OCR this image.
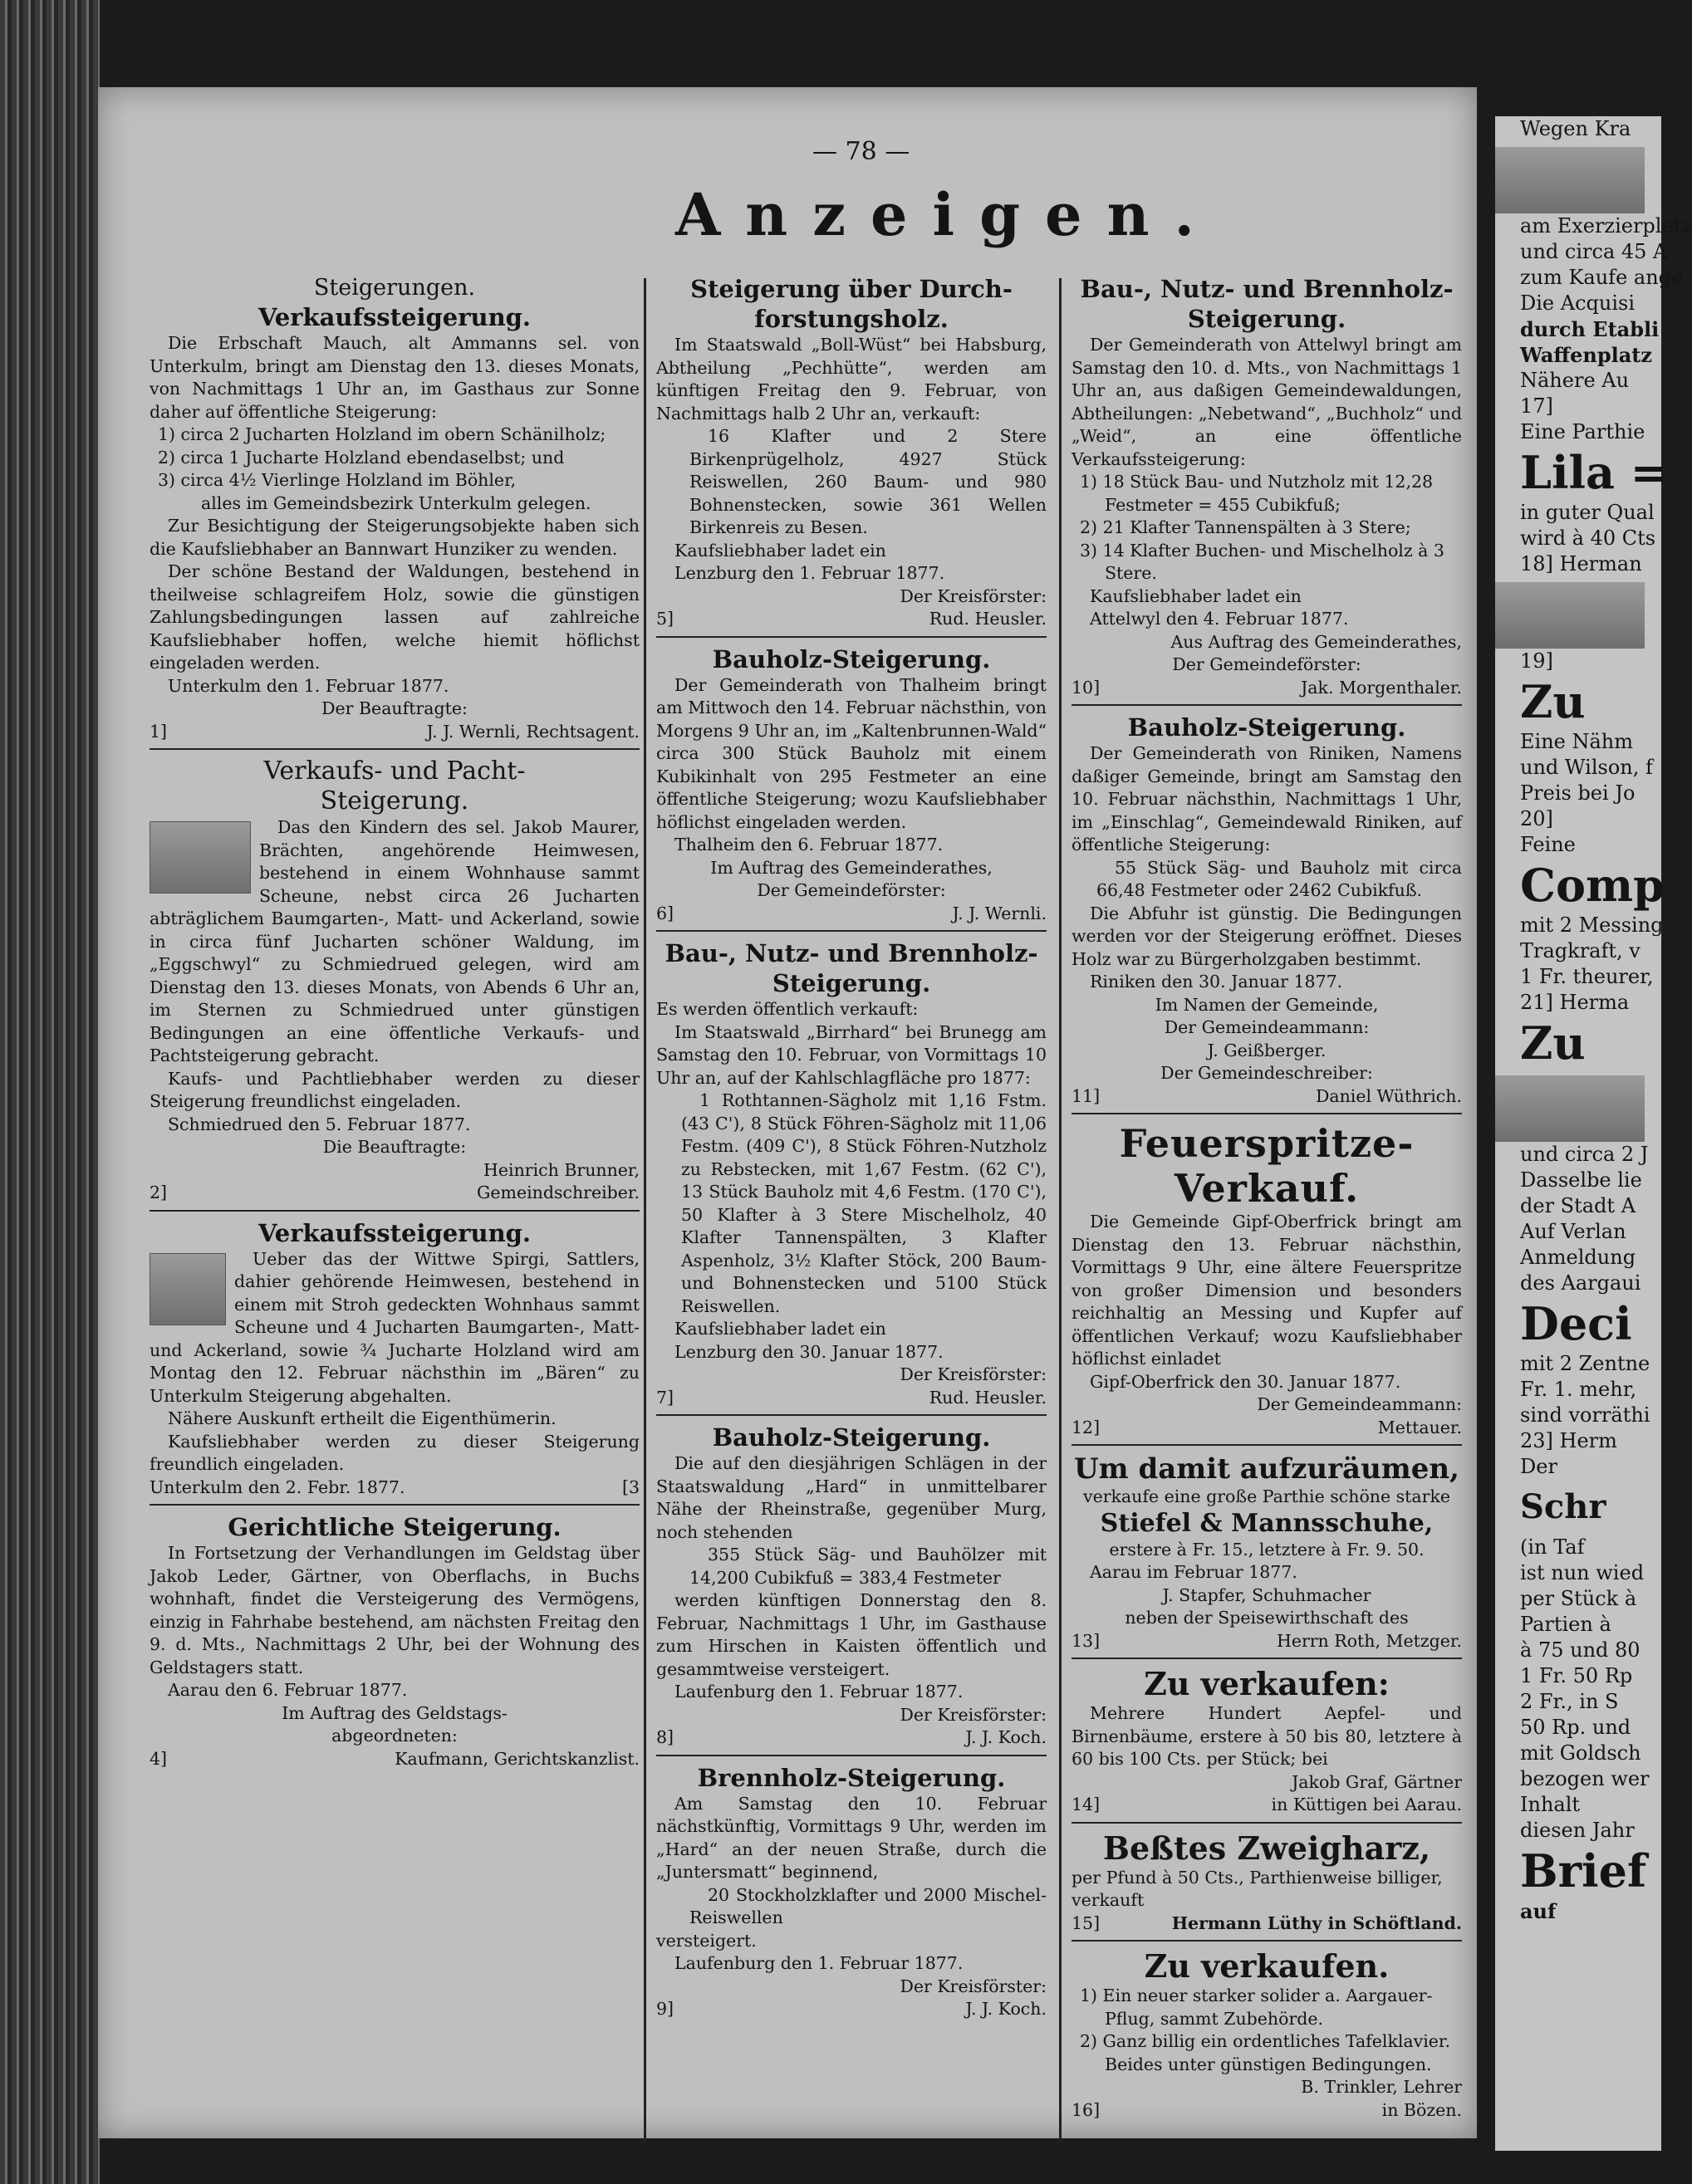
— 78 —
Anzeigen.
Steigerungen.
Verkaufssteigerung.
Die Erbschaft Mauch, alt Ammanns sel. von Unterkulm, bringt am Dienstag den 13. dieses Monats, von Nachmittags 1 Uhr an, im Gasthaus zur Sonne daher auf öffentliche Steigerung:
1) circa 2 Jucharten Holzland im obern Schänilholz;
2) circa 1 Jucharte Holzland ebendaselbst; und
3) circa 4½ Vierlinge Holzland im Böhler,
alles im Gemeindsbezirk Unterkulm gelegen.
Zur Besichtigung der Steigerungsobjekte haben sich die Kaufsliebhaber an Bannwart Hunziker zu wenden.
Der schöne Bestand der Waldungen, bestehend in theilweise schlagreifem Holz, sowie die günstigen Zahlungsbedingungen lassen auf zahlreiche Kaufsliebhaber hoffen, welche hiemit höflichst eingeladen werden.
Unterkulm den 1. Februar 1877.
Der Beauftragte:
1]	J. J. Wernli, Rechtsagent.
Verkaufs- und Pacht-
Steigerung.
Das den Kindern des sel. Jakob Maurer, Brächten, angehörende Heimwesen, bestehend in einem Wohnhause sammt Scheune, nebst circa 26 Jucharten abträglichem Baumgarten-, Matt- und Ackerland, sowie in circa fünf Jucharten schöner Waldung, im „Eggschwyl“ zu Schmiedrued gelegen, wird am Dienstag den 13. dieses Monats, von Abends 6 Uhr an, im Sternen zu Schmiedrued unter günstigen Bedingungen an eine öffentliche Verkaufs- und Pachtsteigerung gebracht.
Kaufs- und Pachtliebhaber werden zu dieser Steigerung freundlichst eingeladen.
Schmiedrued den 5. Februar 1877.
Die Beauftragte:
Heinrich Brunner,
2]	Gemeindschreiber.
Verkaufssteigerung.
Ueber das der Wittwe Spirgi, Sattlers, dahier gehörende Heimwesen, bestehend in einem mit Stroh gedeckten Wohnhaus sammt Scheune und 4 Jucharten Baumgarten-, Matt- und Ackerland, sowie ¾ Jucharte Holzland wird am Montag den 12. Februar nächsthin im „Bären“ zu Unterkulm Steigerung abgehalten.
Nähere Auskunft ertheilt die Eigenthümerin.
Kaufsliebhaber werden zu dieser Steigerung freundlich eingeladen.
Unterkulm den 2. Febr. 1877.	[3
Gerichtliche Steigerung.
In Fortsetzung der Verhandlungen im Geldstag über Jakob Leder, Gärtner, von Oberflachs, in Buchs wohnhaft, findet die Versteigerung des Vermögens, einzig in Fahrhabe bestehend, am nächsten Freitag den 9. d. Mts., Nachmittags 2 Uhr, bei der Wohnung des Geldstagers statt.
Aarau den 6. Februar 1877.
Im Auftrag des Geldstags-
abgeordneten:
4]	Kaufmann, Gerichtskanzlist.
Steigerung über Durch-
forstungsholz.
Im Staatswald „Boll-Wüst“ bei Habsburg, Abtheilung „Pechhütte“, werden am künftigen Freitag den 9. Februar, von Nachmittags halb 2 Uhr an, verkauft:
16 Klafter und 2 Stere Birkenprügelholz, 4927 Stück Reiswellen, 260 Baum- und 980 Bohnenstecken, sowie 361 Wellen Birkenreis zu Besen.
Kaufsliebhaber ladet ein
Lenzburg den 1. Februar 1877.
Der Kreisförster:
5]	Rud. Heusler.
Bauholz-Steigerung.
Der Gemeinderath von Thalheim bringt am Mittwoch den 14. Februar nächsthin, von Morgens 9 Uhr an, im „Kaltenbrunnen-Wald“ circa 300 Stück Bauholz mit einem Kubikinhalt von 295 Festmeter an eine öffentliche Steigerung; wozu Kaufsliebhaber höflichst eingeladen werden.
Thalheim den 6. Februar 1877.
Im Auftrag des Gemeinderathes,
Der Gemeindeförster:
6]	J. J. Wernli.
Bau-, Nutz- und Brennholz-
Steigerung.
Es werden öffentlich verkauft:
Im Staatswald „Birrhard“ bei Brunegg am Samstag den 10. Februar, von Vormittags 10 Uhr an, auf der Kahlschlagfläche pro 1877:
1 Rothtannen-Sägholz mit 1,16 Fstm. (43 C'), 8 Stück Föhren-Sägholz mit 11,06 Festm. (409 C'), 8 Stück Föhren-Nutzholz zu Rebstecken, mit 1,67 Festm. (62 C'), 13 Stück Bauholz mit 4,6 Festm. (170 C'), 50 Klafter à 3 Stere Mischelholz, 40 Klafter Tannenspälten, 3 Klafter Aspenholz, 3½ Klafter Stöck, 200 Baum- und Bohnenstecken und 5100 Stück Reiswellen.
Kaufsliebhaber ladet ein
Lenzburg den 30. Januar 1877.
Der Kreisförster:
7]	Rud. Heusler.
Bauholz-Steigerung.
Die auf den diesjährigen Schlägen in der Staatswaldung „Hard“ in unmittelbarer Nähe der Rheinstraße, gegenüber Murg, noch stehenden
355 Stück Säg- und Bauhölzer mit 14,200 Cubikfuß = 383,4 Festmeter
werden künftigen Donnerstag den 8. Februar, Nachmittags 1 Uhr, im Gasthause zum Hirschen in Kaisten öffentlich und gesammtweise versteigert.
Laufenburg den 1. Februar 1877.
Der Kreisförster:
8]	J. J. Koch.
Brennholz-Steigerung.
Am Samstag den 10. Februar nächstkünftig, Vormittags 9 Uhr, werden im „Hard“ an der neuen Straße, durch die „Juntersmatt“ beginnend,
20 Stockholzklafter und 2000 Mischel-Reiswellen
versteigert.
Laufenburg den 1. Februar 1877.
Der Kreisförster:
9]	J. J. Koch.
Bau-, Nutz- und Brennholz-
Steigerung.
Der Gemeinderath von Attelwyl bringt am Samstag den 10. d. Mts., von Nachmittags 1 Uhr an, aus daßigen Gemeindewaldungen, Abtheilungen: „Nebetwand“, „Buchholz“ und „Weid“, an eine öffentliche Verkaufssteigerung:
1) 18 Stück Bau- und Nutzholz mit 12,28 Festmeter = 455 Cubikfuß;
2) 21 Klafter Tannenspälten à 3 Stere;
3) 14 Klafter Buchen- und Mischelholz à 3 Stere.
Kaufsliebhaber ladet ein
Attelwyl den 4. Februar 1877.
Aus Auftrag des Gemeinderathes,
Der Gemeindeförster:
10]	Jak. Morgenthaler.
Bauholz-Steigerung.
Der Gemeinderath von Riniken, Namens daßiger Gemeinde, bringt am Samstag den 10. Februar nächsthin, Nachmittags 1 Uhr, im „Einschlag“, Gemeindewald Riniken, auf öffentliche Steigerung:
55 Stück Säg- und Bauholz mit circa 66,48 Festmeter oder 2462 Cubikfuß.
Die Abfuhr ist günstig. Die Bedingungen werden vor der Steigerung eröffnet. Dieses Holz war zu Bürgerholzgaben bestimmt.
Riniken den 30. Januar 1877.
Im Namen der Gemeinde,
Der Gemeindeammann:
J. Geißberger.
Der Gemeindeschreiber:
11]	Daniel Wüthrich.
Feuerspritze-Verkauf.
Die Gemeinde Gipf-Oberfrick bringt am Dienstag den 13. Februar nächsthin, Vormittags 9 Uhr, eine ältere Feuerspritze von großer Dimension und besonders reichhaltig an Messing und Kupfer auf öffentlichen Verkauf; wozu Kaufsliebhaber höflichst einladet
Gipf-Oberfrick den 30. Januar 1877.
Der Gemeindeammann:
12]	Mettauer.
Um damit aufzuräumen,
verkaufe eine große Parthie schöne starke
Stiefel & Mannsschuhe,
erstere à Fr. 15., letztere à Fr. 9. 50.
Aarau im Februar 1877.
J. Stapfer, Schuhmacher
neben der Speisewirthschaft des
13]	Herrn Roth, Metzger.
Zu verkaufen:
Mehrere Hundert Aepfel- und Birnenbäume, erstere à 50 bis 80, letztere à 60 bis 100 Cts. per Stück; bei
Jakob Graf, Gärtner
14]	in Küttigen bei Aarau.
Beßtes Zweigharz,
per Pfund à 50 Cts., Parthienweise billiger, verkauft
15]	Hermann Lüthy in Schöftland.
Zu verkaufen.
1) Ein neuer starker solider a. Aargauer-Pflug, sammt Zubehörde.
2) Ganz billig ein ordentliches Tafelklavier. Beides unter günstigen Bedingungen.
B. Trinkler, Lehrer
16]	in Bözen.
Wegen Kra
am Exerzierplatz
und circa 45 A
zum Kaufe ange
Die Acquisi
durch Etabli
Waffenplatz
Nähere Au
17]
Eine Parthie
Lila =
in guter Qual
wird à 40 Cts
18] Herman
19]
Zu
Eine Nähm
und Wilson, f
Preis bei Jo
20]
Feine
Comp
mit 2 Messing
Tragkraft, v
1 Fr. theurer,
21] Herma
Zu
und circa 2 J
Dasselbe lie
der Stadt A
Auf Verlan
Anmeldung
des Aargaui
Deci
mit 2 Zentne
Fr. 1. mehr,
sind vorräthi
23] Herm
Der
Schr
(in Taf
ist nun wied
per Stück à
Partien à
à 75 und 80
1 Fr. 50 Rp
2 Fr., in S
50 Rp. und
mit Goldsch
bezogen wer
Inhalt
diesen Jahr
Brief
auf
